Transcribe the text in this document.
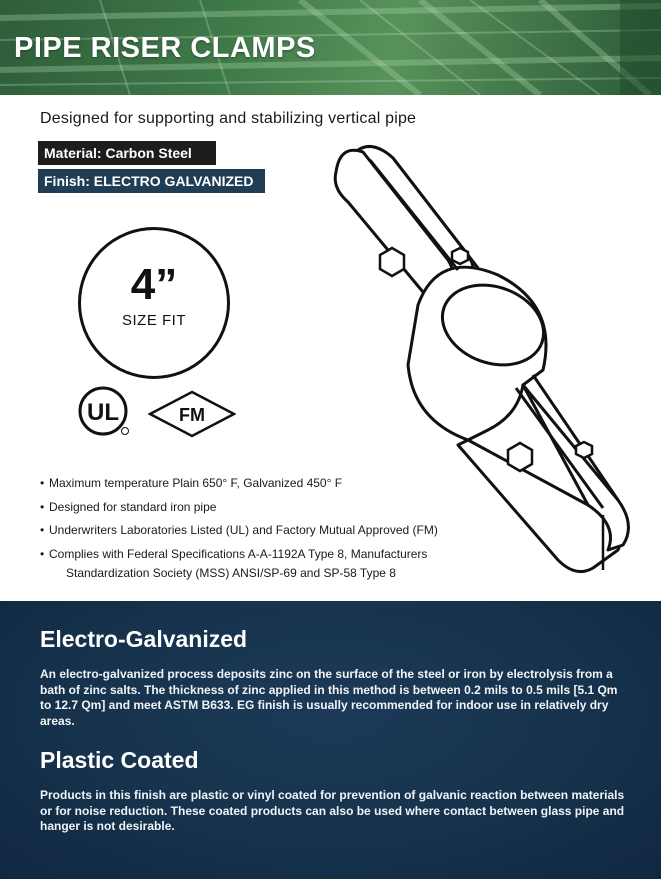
PIPE RISER CLAMPS
Designed for supporting and stabilizing vertical pipe
Material: Carbon Steel
Finish: ELECTRO GALVANIZED
4”
SIZE FIT
UL	FM
• Maximum temperature Plain 650° F, Galvanized 450° F
• Designed for standard iron pipe
• Underwriters Laboratories Listed (UL) and Factory Mutual Approved (FM)
• Complies with Federal Specifications A-A-1192A Type 8, Manufacturers
Standardization Society (MSS) ANSI/SP-69 and SP-58 Type 8
Electro-Galvanized
An electro-galvanized process deposits zinc on the surface of the steel or iron by electrolysis from a bath of zinc salts. The thickness of zinc applied in this method is between 0.2 mils to 0.5 mils [5.1 Qm to 12.7 Qm] and meet ASTM B633. EG finish is usually recommended for indoor use in relatively dry areas.
Plastic Coated
Products in this finish are plastic or vinyl coated for prevention of galvanic reaction between materials or for noise reduction. These coated products can also be used where contact between glass pipe and hanger is not desirable.
